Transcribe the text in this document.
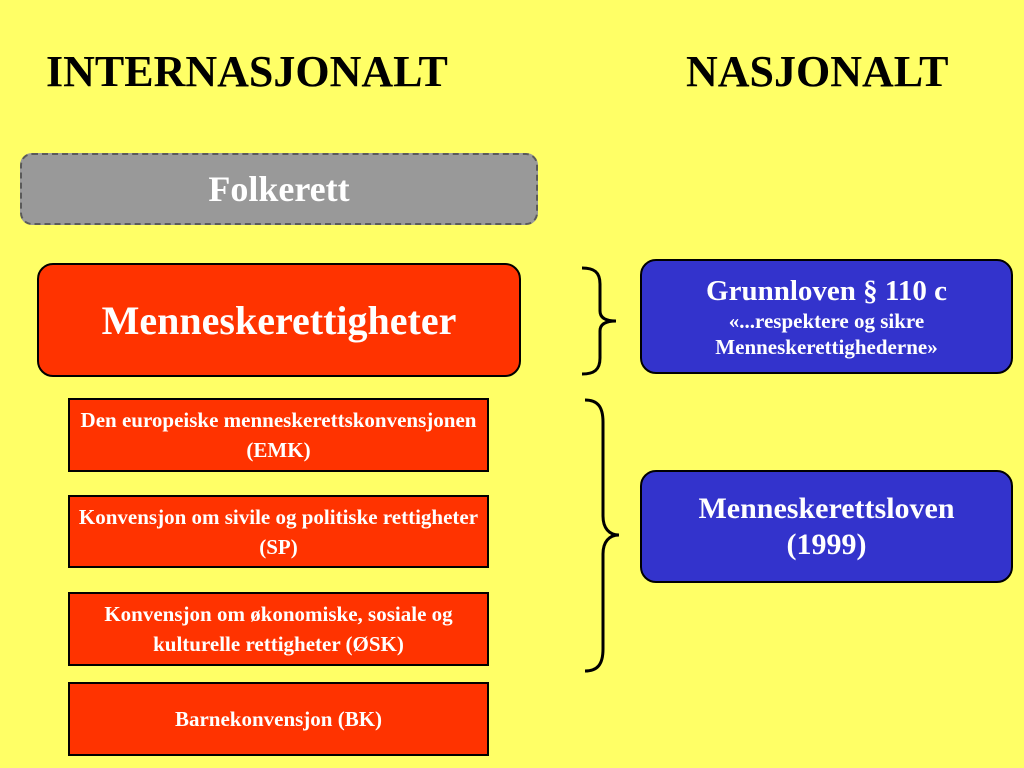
INTERNASJONALT	NASJONALT
Folkerett
Menneskerettigheter
Den europeiske menneskerettskonvensjonen (EMK)
Konvensjon om sivile og politiske rettigheter (SP)
Konvensjon om økonomiske, sosiale og kulturelle rettigheter (ØSK)
Barnekonvensjon (BK)
Grunnloven § 110 c
«...respektere og sikre
Menneskerettighederne»
Menneskerettsloven
(1999)
